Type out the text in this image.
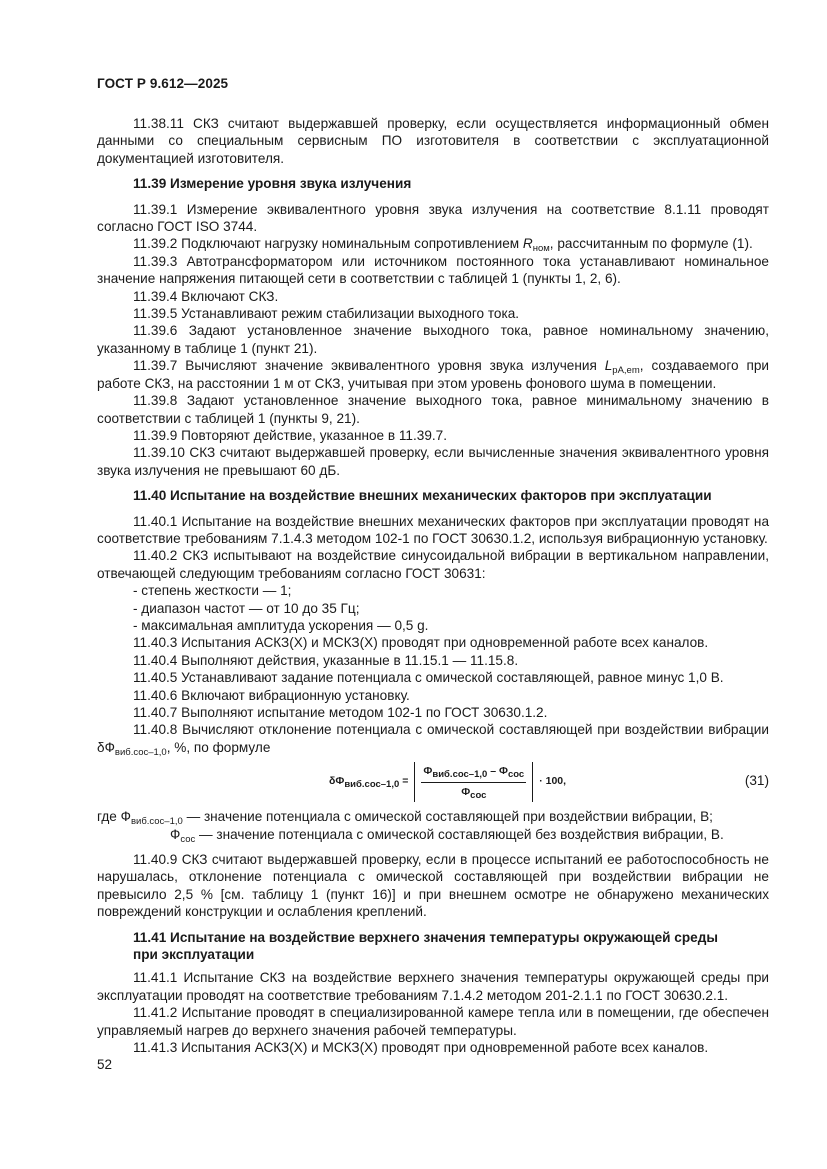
ГОСТ Р 9.612—2025

11.38.11 СКЗ считают выдержавшей проверку, если осуществляется информационный обмен данными со специальным сервисным ПО изготовителя в соответствии с эксплуатационной документацией изготовителя.

11.39 Измерение уровня звука излучения

11.39.1 Измерение эквивалентного уровня звука излучения на соответствие 8.1.11 проводят согласно ГОСТ ISO 3744.

11.39.2 Подключают нагрузку номинальным сопротивлением $R_{ном}$, рассчитанным по формуле (1).

11.39.3 Автотрансформатором или источником постоянного тока устанавливают номинальное значение напряжения питающей сети в соответствии с таблицей 1 (пункты 1, 2, 6).

11.39.4 Включают СКЗ.

11.39.5 Устанавливают режим стабилизации выходного тока.

11.39.6 Задают установленное значение выходного тока, равное номинальному значению, указанному в таблице 1 (пункт 21).

11.39.7 Вычисляют значение эквивалентного уровня звука излучения $L_{pA,em}$, создаваемого при работе СКЗ, на расстоянии 1 м от СКЗ, учитывая при этом уровень фонового шума в помещении.

11.39.8 Задают установленное значение выходного тока, равное минимальному значению в соответствии с таблицей 1 (пункты 9, 21).

11.39.9 Повторяют действие, указанное в 11.39.7.

11.39.10 СКЗ считают выдержавшей проверку, если вычисленные значения эквивалентного уровня звука излучения не превышают 60 дБ.

11.40 Испытание на воздействие внешних механических факторов при эксплуатации

11.40.1 Испытание на воздействие внешних механических факторов при эксплуатации проводят на соответствие требованиям 7.1.4.3 методом 102-1 по ГОСТ 30630.1.2, используя вибрационную установку.

11.40.2 СКЗ испытывают на воздействие синусоидальной вибрации в вертикальном направлении, отвечающей следующим требованиям согласно ГОСТ 30631:

- степень жесткости — 1;

- диапазон частот — от 10 до 35 Гц;

- максимальная амплитуда ускорения — 0,5 g.

11.40.3 Испытания АСКЗ(Х) и МСКЗ(Х) проводят при одновременной работе всех каналов.

11.40.4 Выполняют действия, указанные в 11.15.1 — 11.15.8.

11.40.5 Устанавливают задание потенциала с омической составляющей, равное минус 1,0 В.

11.40.6 Включают вибрационную установку.

11.40.7 Выполняют испытание методом 102-1 по ГОСТ 30630.1.2.

11.40.8 Вычисляют отклонение потенциала с омической составляющей при воздействии вибрации $\delta Ф_{виб.сос-1,0}$, %, по формуле

$\delta Ф_{виб.сос-1,0} = \frac{Ф_{виб.сос-1,0} - Ф_{сос}}{Ф_{сос}} \cdot 100$,	(31)

где $Ф_{виб.сос-1,0}$ — значение потенциала с омической составляющей при воздействии вибрации, В;

$Ф_{сос}$ — значение потенциала с омической составляющей без воздействия вибрации, В.

11.40.9 СКЗ считают выдержавшей проверку, если в процессе испытаний ее работоспособность не нарушалась, отклонение потенциала с омической составляющей при воздействии вибрации не превысило 2,5 % [см. таблицу 1 (пункт 16)] и при внешнем осмотре не обнаружено механических повреждений конструкции и ослабления креплений.

11.41 Испытание на воздействие верхнего значения температуры окружающей среды при эксплуатации

11.41.1 Испытание СКЗ на воздействие верхнего значения температуры окружающей среды при эксплуатации проводят на соответствие требованиям 7.1.4.2 методом 201-2.1.1 по ГОСТ 30630.2.1.

11.41.2 Испытание проводят в специализированной камере тепла или в помещении, где обеспечен управляемый нагрев до верхнего значения рабочей температуры.

11.41.3 Испытания АСКЗ(Х) и МСКЗ(Х) проводят при одновременной работе всех каналов.

52
